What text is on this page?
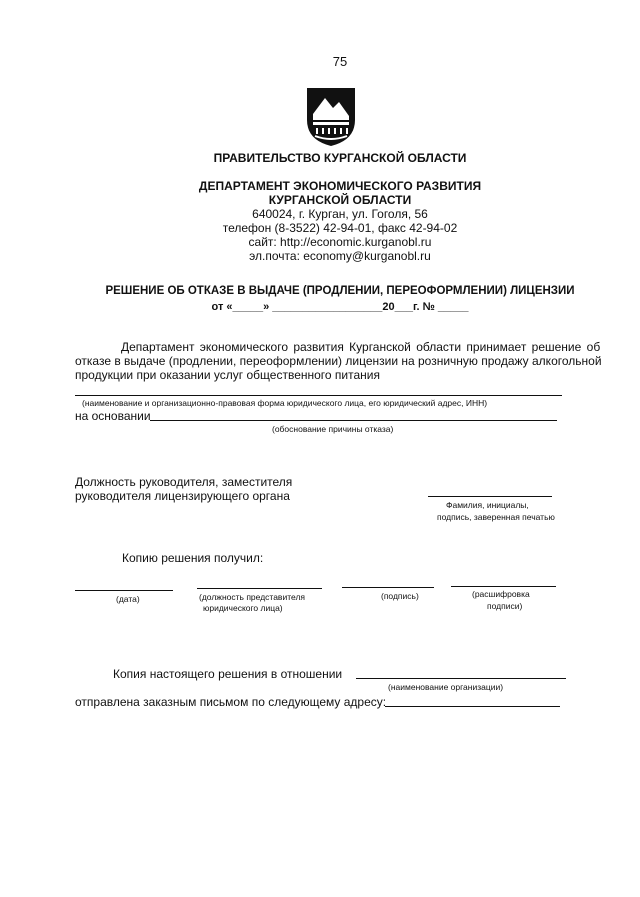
75
ПРАВИТЕЛЬСТВО КУРГАНСКОЙ ОБЛАСТИ
ДЕПАРТАМЕНТ ЭКОНОМИЧЕСКОГО РАЗВИТИЯ
КУРГАНСКОЙ ОБЛАСТИ
640024, г. Курган, ул. Гоголя, 56
телефон (8-3522) 42-94-01, факс 42-94-02
сайт: http://economic.kurganobl.ru
эл.почта: economy@kurganobl.ru
РЕШЕНИЕ ОБ ОТКАЗЕ В ВЫДАЧЕ (ПРОДЛЕНИИ, ПЕРЕОФОРМЛЕНИИ) ЛИЦЕНЗИИ
от «_____» __________________20___г. № _____
Департамент экономического развития Курганской области принимает решение об
отказе в выдаче (продлении, переоформлении) лицензии на розничную продажу алкогольной
продукции при оказании услуг общественного питания
(наименование и организационно-правовая форма юридического лица, его юридический адрес, ИНН)
на основании
(обоснование причины отказа)
Должность руководителя, заместителя
руководителя лицензирующего органа
Фамилия, инициалы,
подпись, заверенная печатью
Копию решения получил:
(дата)	(должность представителя
юридического лица)
(подпись)	(расшифровка
подписи)
Копия настоящего решения в отношении
(наименование организации)
отправлена заказным письмом по следующему адресу:
